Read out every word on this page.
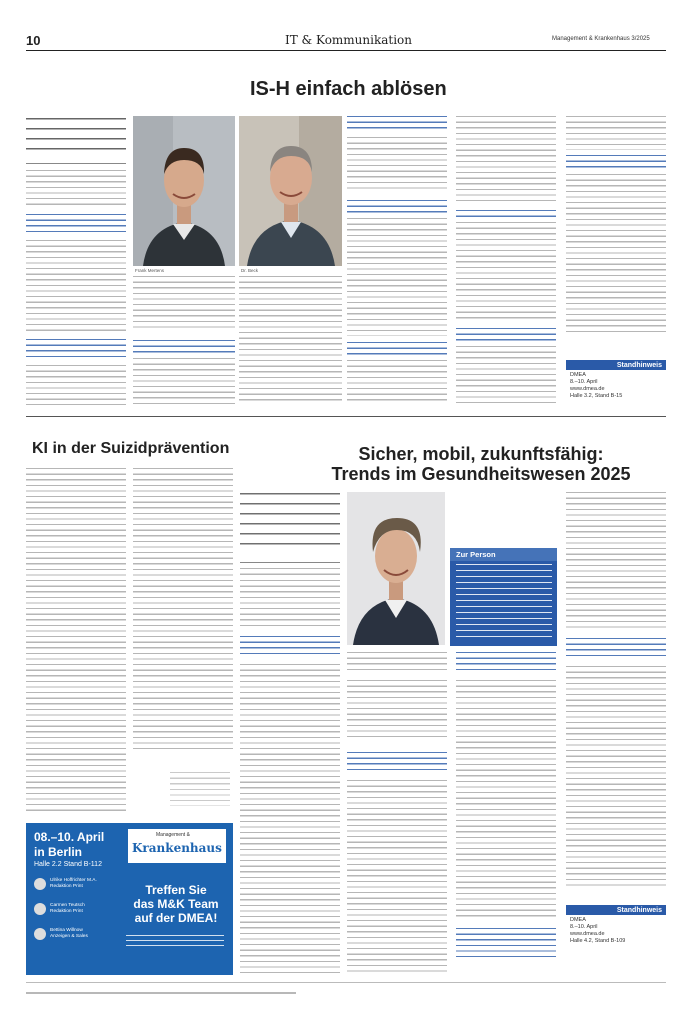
10	IT & Kommunikation	Management & Krankenhaus 3/2025
IS-H einfach ablösen
Frank Mertens	Dr. Beck
Standhinweis
DMEA
8.–10. April
www.dmea.de
Halle 3.2, Stand B-15
KI in der Suizidprävention
08.–10. April
in Berlin
Halle 2.2 Stand B-112
Management &
Krankenhaus
Ulrike Hoffrichter M.A.
Redaktion Print
Carmen Teutsch
Redaktion Print
Bettina Willnow
Anzeigen & Sales
Treffen Sie
das M&K Team
auf der DMEA!
Sicher, mobil, zukunftsfähig:
Trends im Gesundheitswesen 2025
Zur Person
Standhinweis
DMEA
8.–10. April
www.dmea.de
Halle 4.2, Stand B-109
